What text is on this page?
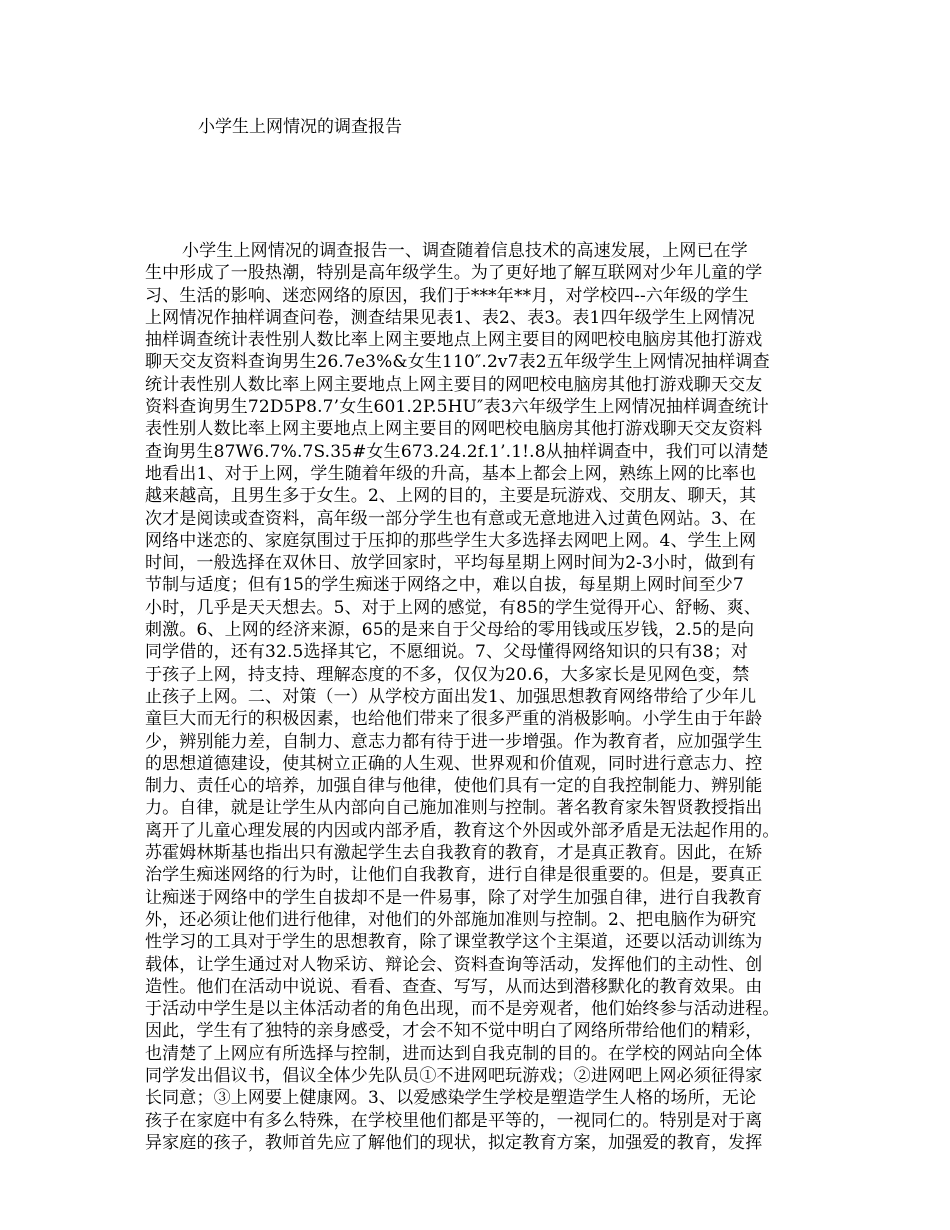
小学生上网情况的调查报告
小学生上网情况的调查报告一、调查随着信息技术的高速发展，上网已在学
生中形成了一股热潮，特别是高年级学生。为了更好地了解互联网对少年儿童的学
习、生活的影响、迷恋网络的原因，我们于***年**月，对学校四--六年级的学生
上网情况作抽样调查问卷，测查结果见表1、表2、表3。表1四年级学生上网情况
抽样调查统计表性别人数比率上网主要地点上网主要目的网吧校电脑房其他打游戏
聊天交友资料查询男生26.7e3%&女生110″.2v7表2五年级学生上网情况抽样调查
统计表性别人数比率上网主要地点上网主要目的网吧校电脑房其他打游戏聊天交友
资料查询男生72D5P8.7’女生601.2P.5HU″表3六年级学生上网情况抽样调查统计
表性别人数比率上网主要地点上网主要目的网吧校电脑房其他打游戏聊天交友资料
查询男生87W6.7%.7S.35#女生673.24.2f.1’.1!.8从抽样调查中，我们可以清楚
地看出1、对于上网，学生随着年级的升高，基本上都会上网，熟练上网的比率也
越来越高，且男生多于女生。2、上网的目的，主要是玩游戏、交朋友、聊天，其
次才是阅读或查资料，高年级一部分学生也有意或无意地进入过黄色网站。3、在
网络中迷恋的、家庭氛围过于压抑的那些学生大多选择去网吧上网。4、学生上网
时间，一般选择在双休日、放学回家时，平均每星期上网时间为2-3小时，做到有
节制与适度；但有15的学生痴迷于网络之中，难以自拔，每星期上网时间至少7
小时，几乎是天天想去。5、对于上网的感觉，有85的学生觉得开心、舒畅、爽、
刺激。6、上网的经济来源，65的是来自于父母给的零用钱或压岁钱，2.5的是向
同学借的，还有32.5选择其它，不愿细说。7、父母懂得网络知识的只有38；对
于孩子上网，持支持、理解态度的不多，仅仅为20.6，大多家长是见网色变，禁
止孩子上网。二、对策（一）从学校方面出发1、加强思想教育网络带给了少年儿
童巨大而无行的积极因素，也给他们带来了很多严重的消极影响。小学生由于年龄
少，辨别能力差，自制力、意志力都有待于进一步增强。作为教育者，应加强学生
的思想道德建设，使其树立正确的人生观、世界观和价值观，同时进行意志力、控
制力、责任心的培养，加强自律与他律，使他们具有一定的自我控制能力、辨别能
力。自律，就是让学生从内部向自己施加准则与控制。著名教育家朱智贤教授指出
离开了儿童心理发展的内因或内部矛盾，教育这个外因或外部矛盾是无法起作用的。
苏霍姆林斯基也指出只有激起学生去自我教育的教育，才是真正教育。因此，在矫
治学生痴迷网络的行为时，让他们自我教育，进行自律是很重要的。但是，要真正
让痴迷于网络中的学生自拔却不是一件易事，除了对学生加强自律，进行自我教育
外，还必须让他们进行他律，对他们的外部施加准则与控制。2、把电脑作为研究
性学习的工具对于学生的思想教育，除了课堂教学这个主渠道，还要以活动训练为
载体，让学生通过对人物采访、辩论会、资料查询等活动，发挥他们的主动性、创
造性。他们在活动中说说、看看、查查、写写，从而达到潜移默化的教育效果。由
于活动中学生是以主体活动者的角色出现，而不是旁观者，他们始终参与活动进程。
因此，学生有了独特的亲身感受，才会不知不觉中明白了网络所带给他们的精彩，
也清楚了上网应有所选择与控制，进而达到自我克制的目的。在学校的网站向全体
同学发出倡议书，倡议全体少先队员①不进网吧玩游戏；②进网吧上网必须征得家
长同意；③上网要上健康网。3、以爱感染学生学校是塑造学生人格的场所，无论
孩子在家庭中有多么特殊，在学校里他们都是平等的，一视同仁的。特别是对于离
异家庭的孩子，教师首先应了解他们的现状，拟定教育方案，加强爱的教育，发挥
